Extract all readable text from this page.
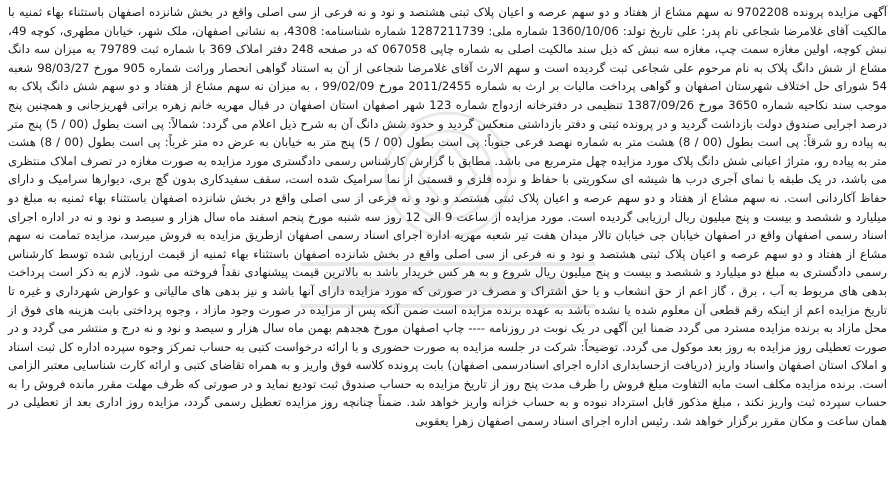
آگهی مزایده پرونده 9702208 نه سهم مشاع از هفتاد و دو سهم عرصه و اعیان پلاک ثبتی هشتصد و نود و نه فرعی از سی اصلی واقع در بخش شانزده اصفهان باستثناء بهاء ثمنیه با مالکیت آقای غلامرضا شجاعی نام پدر: علی تاریخ تولد: 1360/10/06 شماره ملی: 1287211739 شماره شناسنامه: 4308، به نشانی اصفهان، ملک شهر، خیابان مطهری، کوچه 49، نبش کوچه، اولین مغازه سمت چپ، مغازه سه نبش که ذیل سند مالکیت اصلی به شماره چاپی 067058 که در صفحه 248 دفتر املاک 369 با شماره ثبت 79789 به میزان سه دانگ مشاع از شش دانگ پلاک به نام مرحوم علی شجاعی ثبت گردیده است و سهم الارث آقای غلامرضا شجاعی از آن به استناد گواهی انحصار وراثت شماره 905 مورخ 98/03/27 شعبه 54 شورای حل اختلاف شهرستان اصفهان و گواهی پرداخت مالیات بر ارث به شماره 2011/2455 مورخ 99/02/09 ، به میزان نه سهم مشاع از هفتاد و دو سهم شش دانگ پلاک به موجب سند نکاحیه شماره 3650 مورخ 1387/09/26 تنظیمی در دفترخانه ازدواج شماره 123 شهر اصفهان استان اصفهان در قبال مهریه خانم زهره براتی قهریزجانی و همچنین پنج درصد اجرایی صندوق دولت بازداشت گردید و در پرونده ثبتی و دفتر بازداشتی منعکس گردید و حدود شش دانگ آن به شرح ذیل اعلام می گردد: شمالاً: پی است بطول (00 / 5) پنج متر به پیاده رو شرقاً: پی است بطول (00 / 8) هشت متر به شماره نهصد فرعی جنوباً: پی است بطول (00 / 5) پنج متر به خیابان به عرض ده متر غرباً: پی است بطول (00 / 8) هشت متر به پیاده رو، متراژ اعیانی شش دانگ پلاک مورد مزایده چهل مترمربع می باشد. مطابق با گزارش کارشناس رسمی دادگستری مورد مزایده به صورت مغازه در تصرف املاک منتظری می باشد، در یک طبقه با نمای آجری درب ها شیشه ای سکوریتی با حفاظ و نرده فلزی و قسمتی از نما سرامیک شده است، سقف سفیدکاری بدون گچ بری، دیوارها سرامیک و دارای حفاظ آکاردانی است. نه سهم مشاع از هفتاد و دو سهم عرصه و اعیان پلاک ثبتی هشتصد و نود و نه فرعی از سی اصلی واقع در بخش شانزده اصفهان باستثناء بهاء ثمنیه به مبلغ دو میلیارد و ششصد و بیست و پنج میلیون ریال ارزیابی گردیده است. مورد مزایده از ساعت 9 الی 12 روز سه شنبه مورخ پنجم اسفند ماه سال هزار و سیصد و نود و نه در اداره اجرای اسناد رسمی اصفهان واقع در اصفهان خیابان جی خیابان تالار میدان هفت تیر شعبه مهریه اداره اجرای اسناد رسمی اصفهان ازطریق مزایده به فروش میرسد، مزایده تمامت نه سهم مشاع از هفتاد و دو سهم عرصه و اعیان پلاک ثبتی هشتصد و نود و نه فرعی از سی اصلی واقع در بخش شانزده اصفهان باستثناء بهاء ثمنیه از قیمت ارزیابی شده توسط کارشناس رسمی دادگستری به مبلغ دو میلیارد و ششصد و بیست و پنج میلیون ریال شروع و به هر کس خریدار باشد به بالاترین قیمت پیشنهادی نقداً فروخته می شود. لازم به ذکر است پرداخت بدهی های مربوط به آب ، برق ، گاز اعم از حق انشعاب و یا حق اشتراک و مصرف در صورتی که مورد مزایده دارای آنها باشد و نیز بدهی های مالیاتی و عوارض شهرداری و غیره تا تاریخ مزایده اعم از اینکه رقم قطعی آن معلوم شده یا نشده باشد به عهده برنده مزایده است ضمن آنکه پس از مزایده در صورت وجود مازاد ، وجوه پرداختی بابت هزینه های فوق از محل مازاد به برنده مزایده مسترد می گردد ضمنا این آگهی در یک نوبت در روزنامه ---- چاپ اصفهان مورخ هجدهم بهمن ماه سال هزار و سیصد و نود و نه درج و منتشر می گردد و در صورت تعطیلی روز مزایده به روز بعد موکول می گردد. توضیحاً: شرکت در جلسه مزایده به صورت حضوری و با ارائه درخواست کتبی به حساب تمرکز وجوه سپرده اداره کل ثبت اسناد و املاک استان اصفهان واسناد واریز (دریافت ازحسابداری اداره اجرای اسنادرسمی اصفهان) بابت پرونده کلاسه فوق واریز و به همراه تقاضای کتبی و ارائه کارت شناسایی معتبر الزامی است. برنده مزایده مکلف است مابه التفاوت مبلغ فروش را ظرف مدت پنج روز از تاریخ مزایده به حساب صندوق ثبت تودیع نماید و در صورتی که ظرف مهلت مقرر مانده فروش را به حساب سپرده ثبت واریز نکند ، مبلغ مذکور قابل استرداد نبوده و به حساب خزانه واریز خواهد شد. ضمناً چنانچه روز مزایده تعطیل رسمی گردد، مزایده روز اداری بعد از تعطیلی در همان ساعت و مکان مقرر برگزار خواهد شد. رئیس اداره اجرای اسناد رسمی اصفهان زهرا یعقوبی
